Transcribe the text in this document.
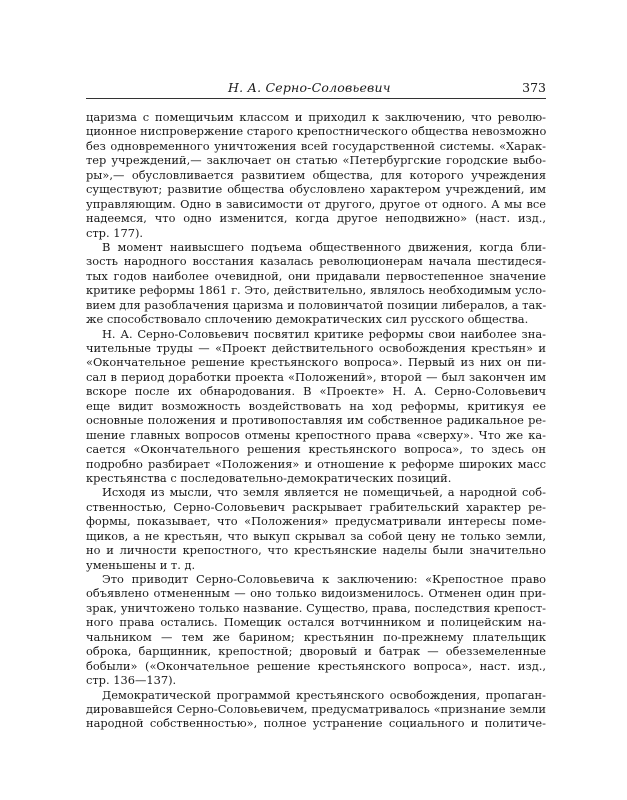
Н. А. Серно-Соловьевич	373
царизма с помещичьим классом и приходил к заключению, что револю-
ционное ниспровержение старого крепостнического общества невозможно
без одновременного уничтожения всей государственной системы. «Харак-
тер учреждений,— заключает он статью «Петербургские городские выбо-
ры»,— обусловливается развитием общества, для которого учреждения
существуют; развитие общества обусловлено характером учреждений, им
управляющим. Одно в зависимости от другого, другое от одного. А мы все
надеемся, что одно изменится, когда другое неподвижно» (наст. изд.,
стр. 177).
В момент наивысшего подъема общественного движения, когда бли-
зость народного восстания казалась революционерам начала шестидеся-
тых годов наиболее очевидной, они придавали первостепенное значение
критике реформы 1861 г. Это, действительно, являлось необходимым усло-
вием для разоблачения царизма и половинчатой позиции либералов, а так-
же способствовало сплочению демократических сил русского общества.
Н. А. Серно-Соловьевич посвятил критике реформы свои наиболее зна-
чительные труды — «Проект действительного освобождения крестьян» и
«Окончательное решение крестьянского вопроса». Первый из них он пи-
сал в период доработки проекта «Положений», второй — был закончен им
вскоре после их обнародования. В «Проекте» Н. А. Серно-Соловьевич
еще видит возможность воздействовать на ход реформы, критикуя ее
основные положения и противопоставляя им собственное радикальное ре-
шение главных вопросов отмены крепостного права «сверху». Что же ка-
сается «Окончательного решения крестьянского вопроса», то здесь он
подробно разбирает «Положения» и отношение к реформе широких масс
крестьянства с последовательно-демократических позиций.
Исходя из мысли, что земля является не помещичьей, а народной соб-
ственностью, Серно-Соловьевич раскрывает грабительский характер ре-
формы, показывает, что «Положения» предусматривали интересы поме-
щиков, а не крестьян, что выкуп скрывал за собой цену не только земли,
но и личности крепостного, что крестьянские наделы были значительно
уменьшены и т. д.
Это приводит Серно-Соловьевича к заключению: «Крепостное право
объявлено отмененным — оно только видоизменилось. Отменен один при-
зрак, уничтожено только название. Существо, права, последствия крепост-
ного права остались. Помещик остался вотчинником и полицейским на-
чальником — тем же барином; крестьянин по-прежнему плательщик
оброка, барщинник, крепостной; дворовый и батрак — обезземеленные
бобыли» («Окончательное решение крестьянского вопроса», наст. изд.,
стр. 136—137).
Демократической программой крестьянского освобождения, пропаган-
дировавшейся Серно-Соловьевичем, предусматривалось «признание земли
народной собственностью», полное устранение социального и политиче-
